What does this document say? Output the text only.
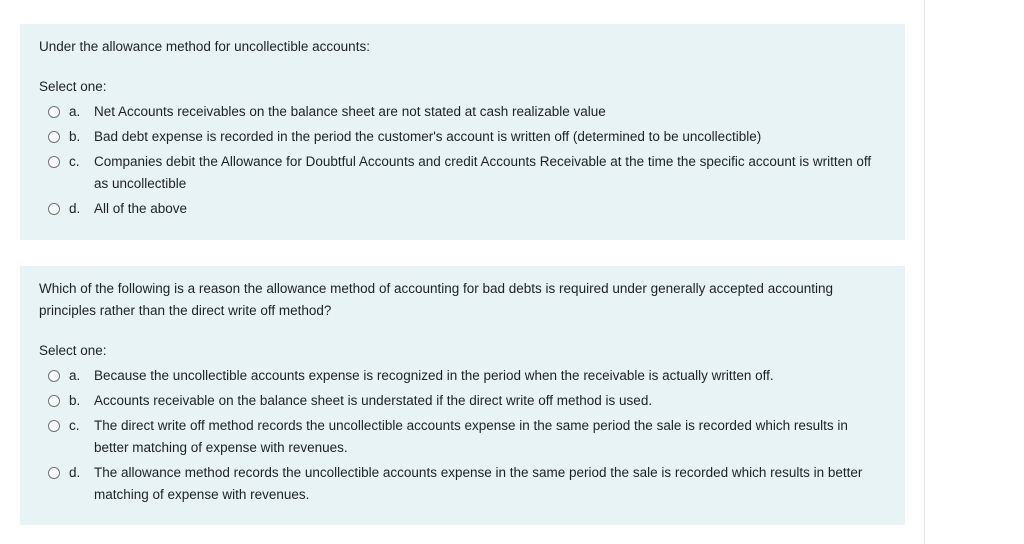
Under the allowance method for uncollectible accounts:

Select one:

a.	Net Accounts receivables on the balance sheet are not stated at cash realizable value
b.	Bad debt expense is recorded in the period the customer's account is written off (determined to be uncollectible)
c.	Companies debit the Allowance for Doubtful Accounts and credit Accounts Receivable at the time the specific account is written off as uncollectible
d.	All of the above

Which of the following is a reason the allowance method of accounting for bad debts is required under generally accepted accounting principles rather than the direct write off method?

Select one:

a.	Because the uncollectible accounts expense is recognized in the period when the receivable is actually written off.
b.	Accounts receivable on the balance sheet is understated if the direct write off method is used.
c.	The direct write off method records the uncollectible accounts expense in the same period the sale is recorded which results in better matching of expense with revenues.
d.	The allowance method records the uncollectible accounts expense in the same period the sale is recorded which results in better matching of expense with revenues.
